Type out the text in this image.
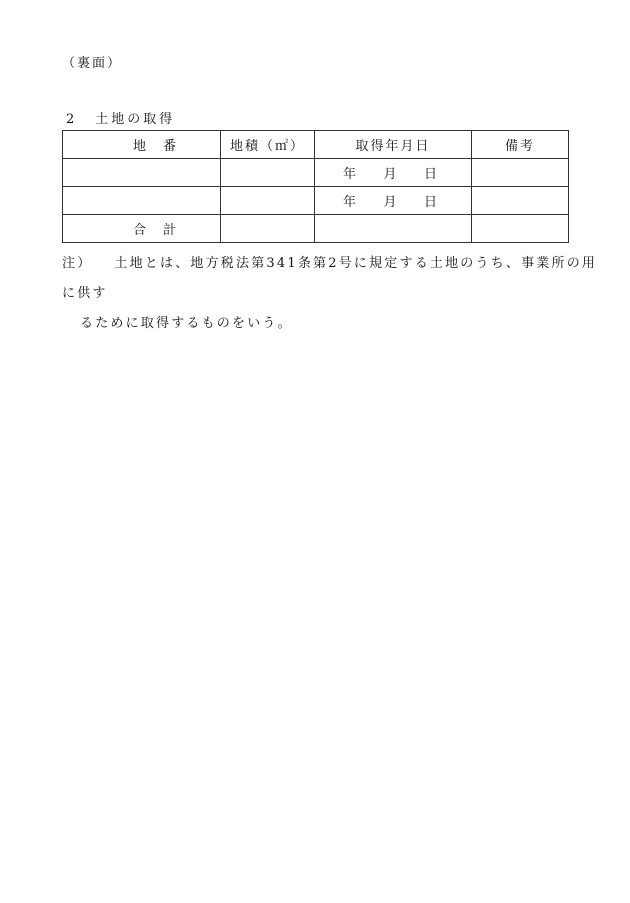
（裏面）
2 土地の取得
地　番	地積（㎡）	取得年月日	備考

		年 月 日	

		年 月 日	

合　計			
注） 土地とは、地方税法第341条第2号に規定する土地のうち、事業所の用に供す
るために取得するものをいう。
